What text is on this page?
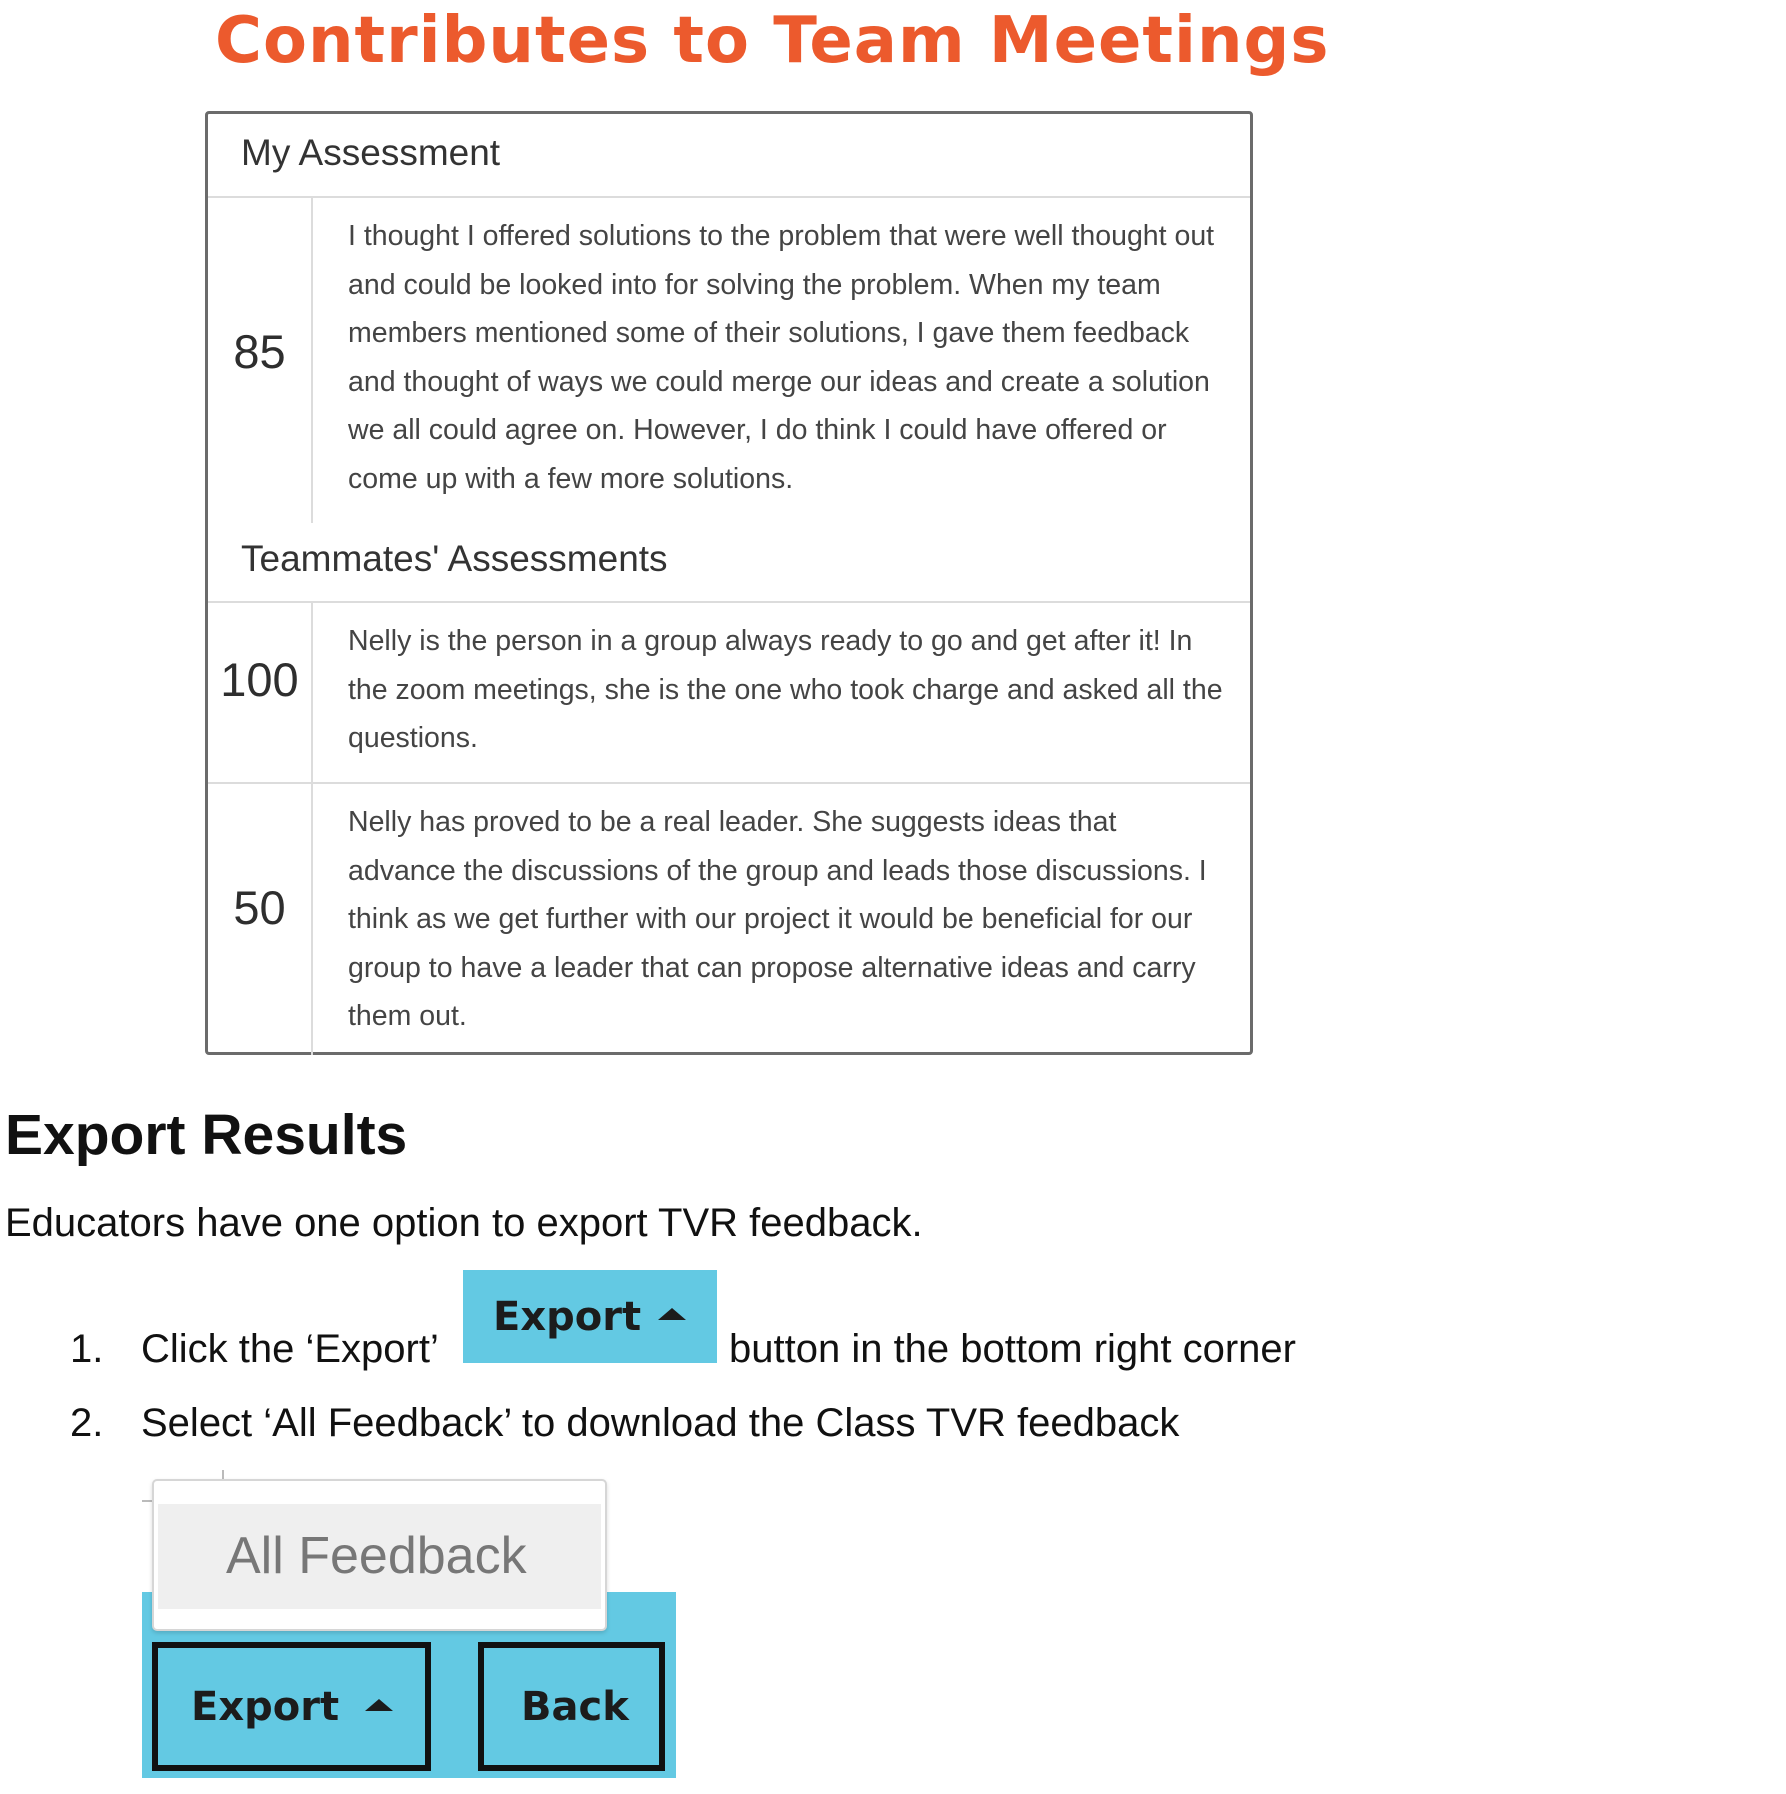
Contributes to Team Meetings
My Assessment
85
I thought I offered solutions to the problem that were well thought out and could be looked into for solving the problem. When my team members mentioned some of their solutions, I gave them feedback and thought of ways we could merge our ideas and create a solution we all could agree on. However, I do think I could have offered or come up with a few more solutions.
Teammates' Assessments
100
Nelly is the person in a group always ready to go and get after it! In the zoom meetings, she is the one who took charge and asked all the questions.
50
Nelly has proved to be a real leader. She suggests ideas that advance the discussions of the group and leads those discussions. I think as we get further with our project it would be beneficial for our group to have a leader that can propose alternative ideas and carry them out.
Export Results
Educators have one option to export TVR feedback.
1. Click the ‘Export’	button in the bottom right corner
Export
2. Select ‘All Feedback’ to download the Class TVR feedback
Export	Back
All Feedback
